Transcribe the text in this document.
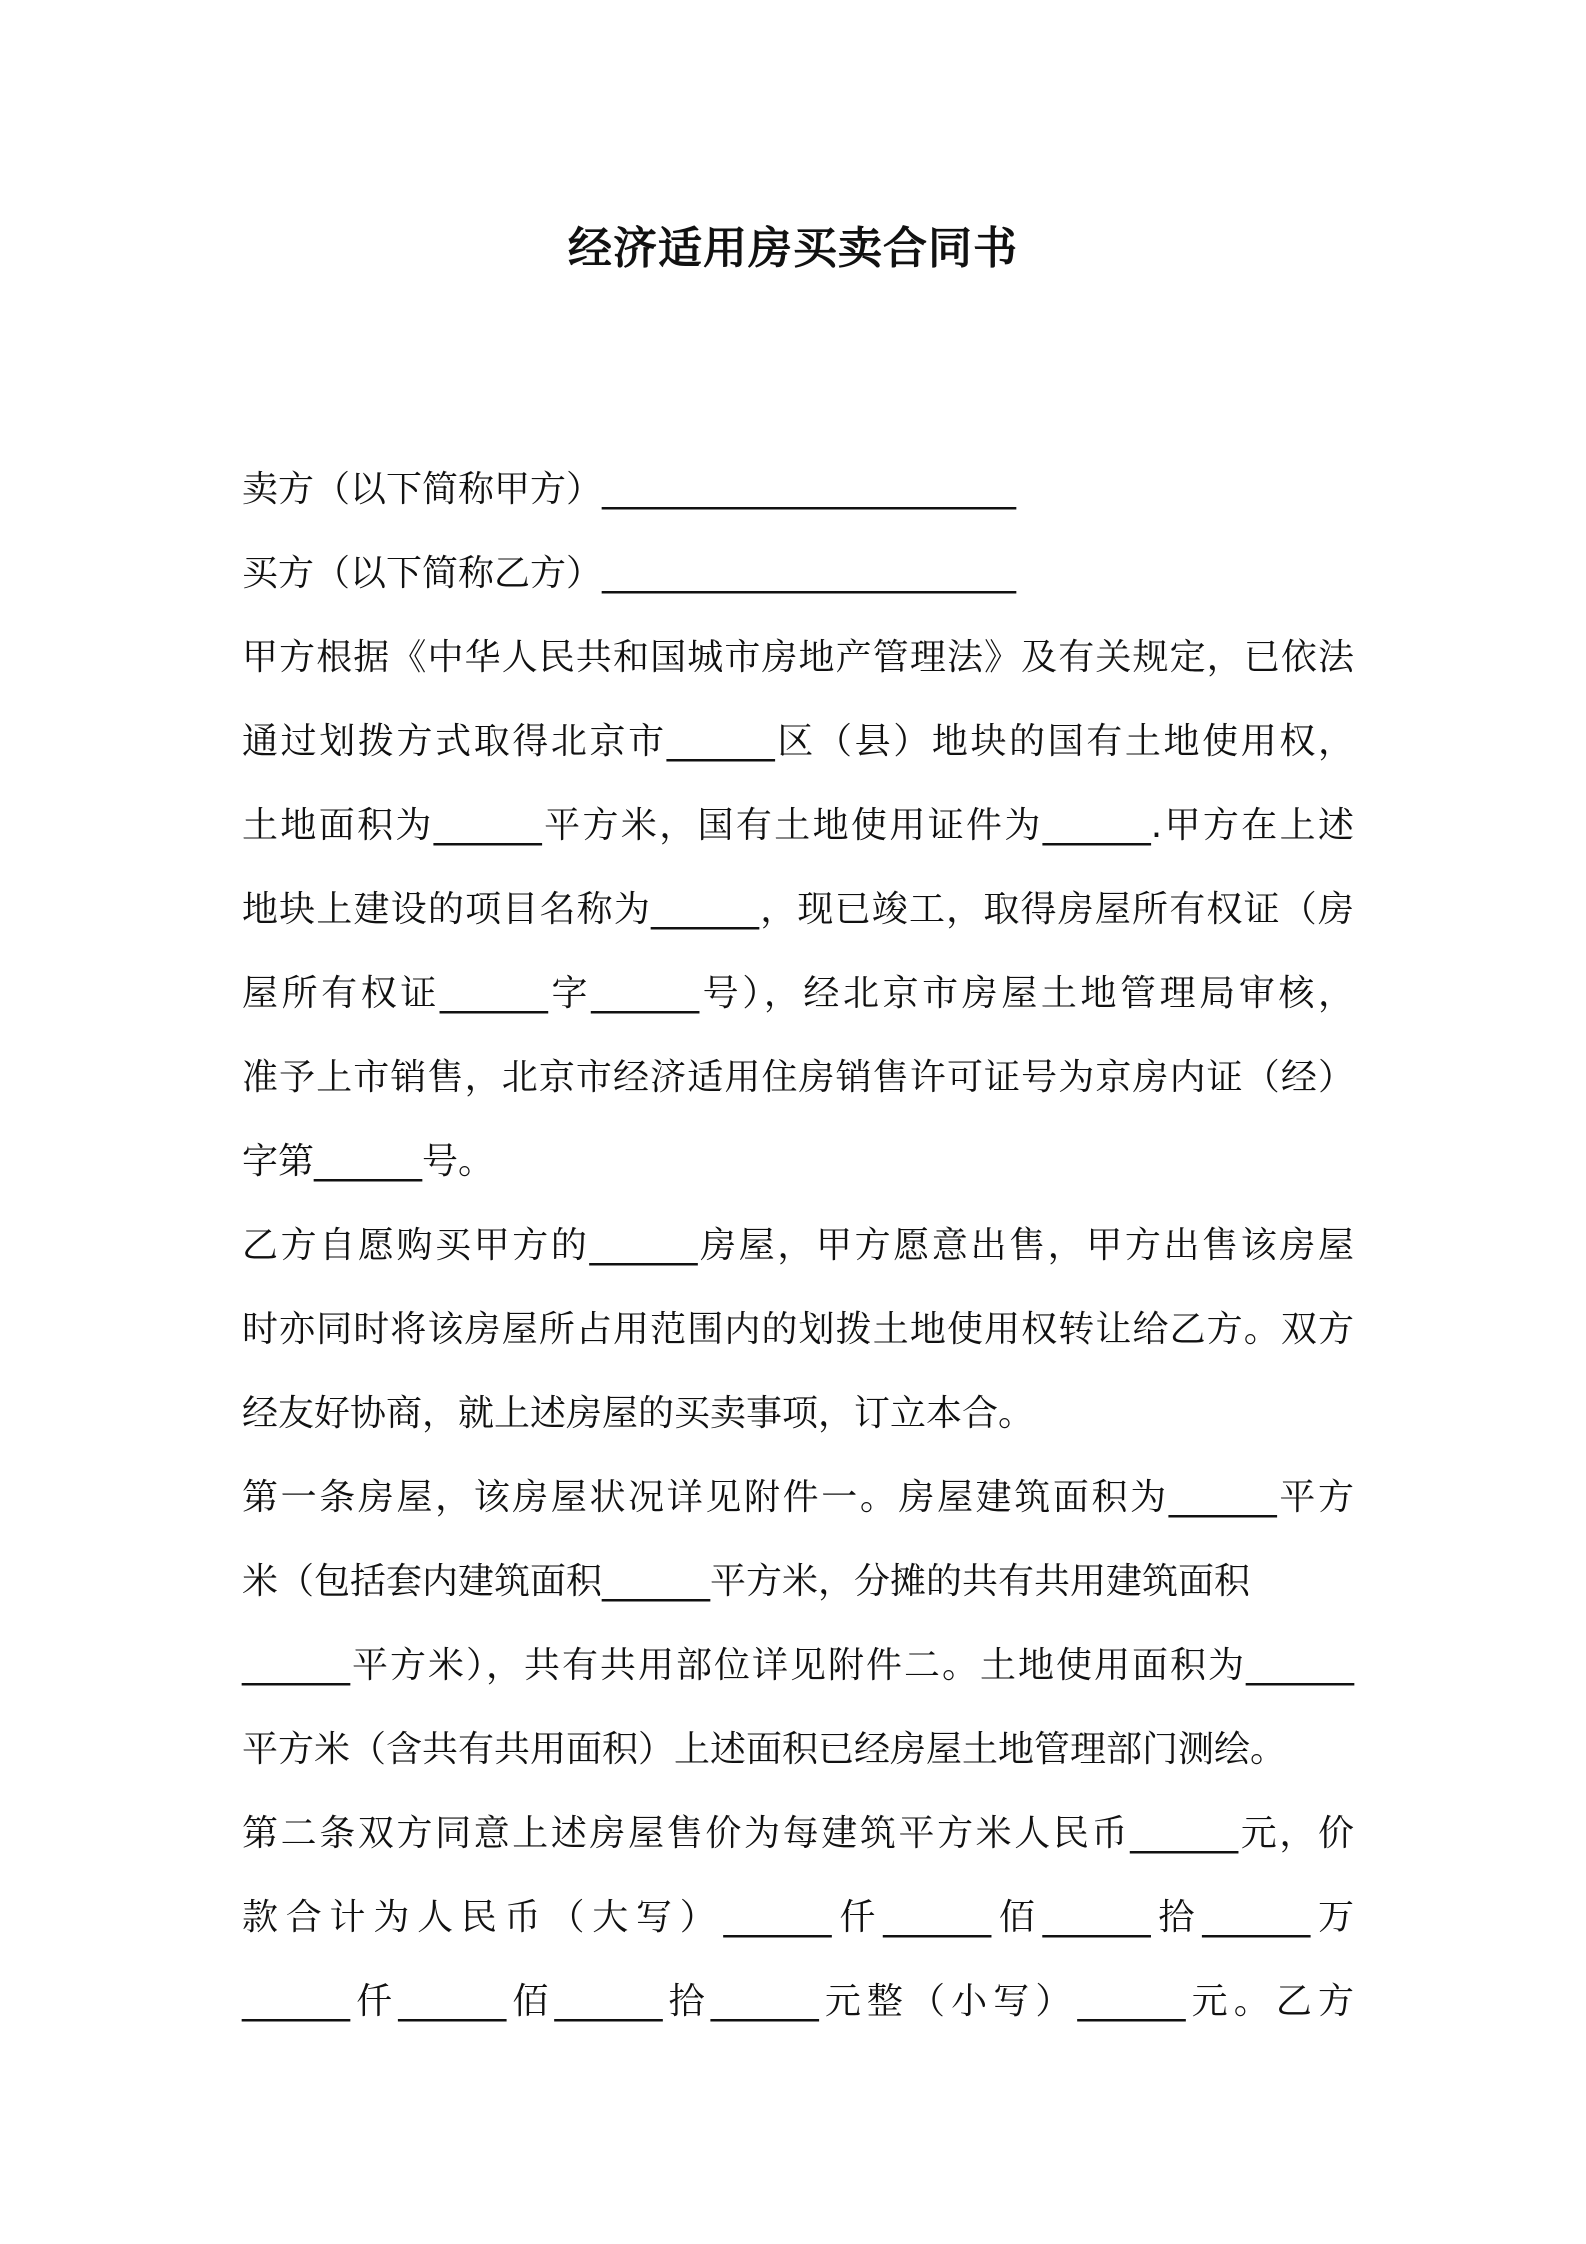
经济适用房买卖合同书
卖方（以下简称甲方）_______________________
买方（以下简称乙方）_______________________
甲方根据《中华人民共和国城市房地产管理法》及有关规定，已依法
通过划拨方式取得北京市______区（县）地块的国有土地使用权，
土地面积为______平方米，国有土地使用证件为______.甲方在上述
地块上建设的项目名称为______，现已竣工，取得房屋所有权证（房
屋所有权证______字______号），经北京市房屋土地管理局审核，
准予上市销售，北京市经济适用住房销售许可证号为京房内证（经）
字第______号。
乙方自愿购买甲方的______房屋，甲方愿意出售，甲方出售该房屋
时亦同时将该房屋所占用范围内的划拨土地使用权转让给乙方。双方
经友好协商，就上述房屋的买卖事项，订立本合。
第一条房屋，该房屋状况详见附件一。房屋建筑面积为______平方
米（包括套内建筑面积______平方米，分摊的共有共用建筑面积
______平方米），共有共用部位详见附件二。土地使用面积为______
平方米（含共有共用面积）上述面积已经房屋土地管理部门测绘。
第二条双方同意上述房屋售价为每建筑平方米人民币______元，价
款合计为人民币（大写）______仟______佰______拾______万
______仟______佰______拾______元整（小写）______元。乙方
